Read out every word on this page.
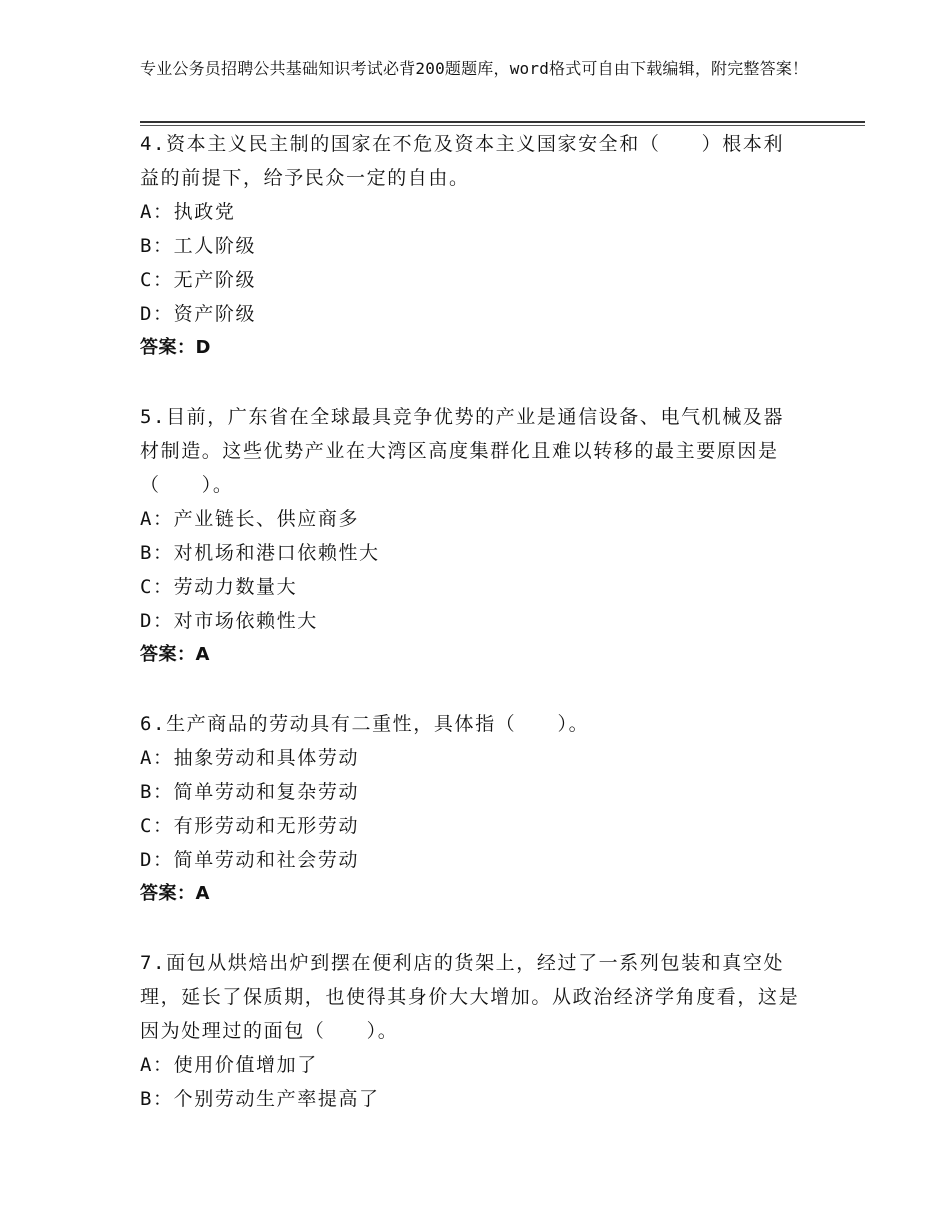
专业公务员招聘公共基础知识考试必背200题题库，word格式可自由下载编辑，附完整答案！
4.资本主义民主制的国家在不危及资本主义国家安全和（　　）根本利益的前提下，给予民众一定的自由。
A：执政党
B：工人阶级
C：无产阶级
D：资产阶级
答案：D
5.目前，广东省在全球最具竞争优势的产业是通信设备、电气机械及器材制造。这些优势产业在大湾区高度集群化且难以转移的最主要原因是（　　）。
A：产业链长、供应商多
B：对机场和港口依赖性大
C：劳动力数量大
D：对市场依赖性大
答案：A
6.生产商品的劳动具有二重性，具体指（　　）。
A：抽象劳动和具体劳动
B：简单劳动和复杂劳动
C：有形劳动和无形劳动
D：简单劳动和社会劳动
答案：A
7.面包从烘焙出炉到摆在便利店的货架上，经过了一系列包装和真空处理，延长了保质期，也使得其身价大大增加。从政治经济学角度看，这是因为处理过的面包（　　）。
A：使用价值增加了
B：个别劳动生产率提高了
